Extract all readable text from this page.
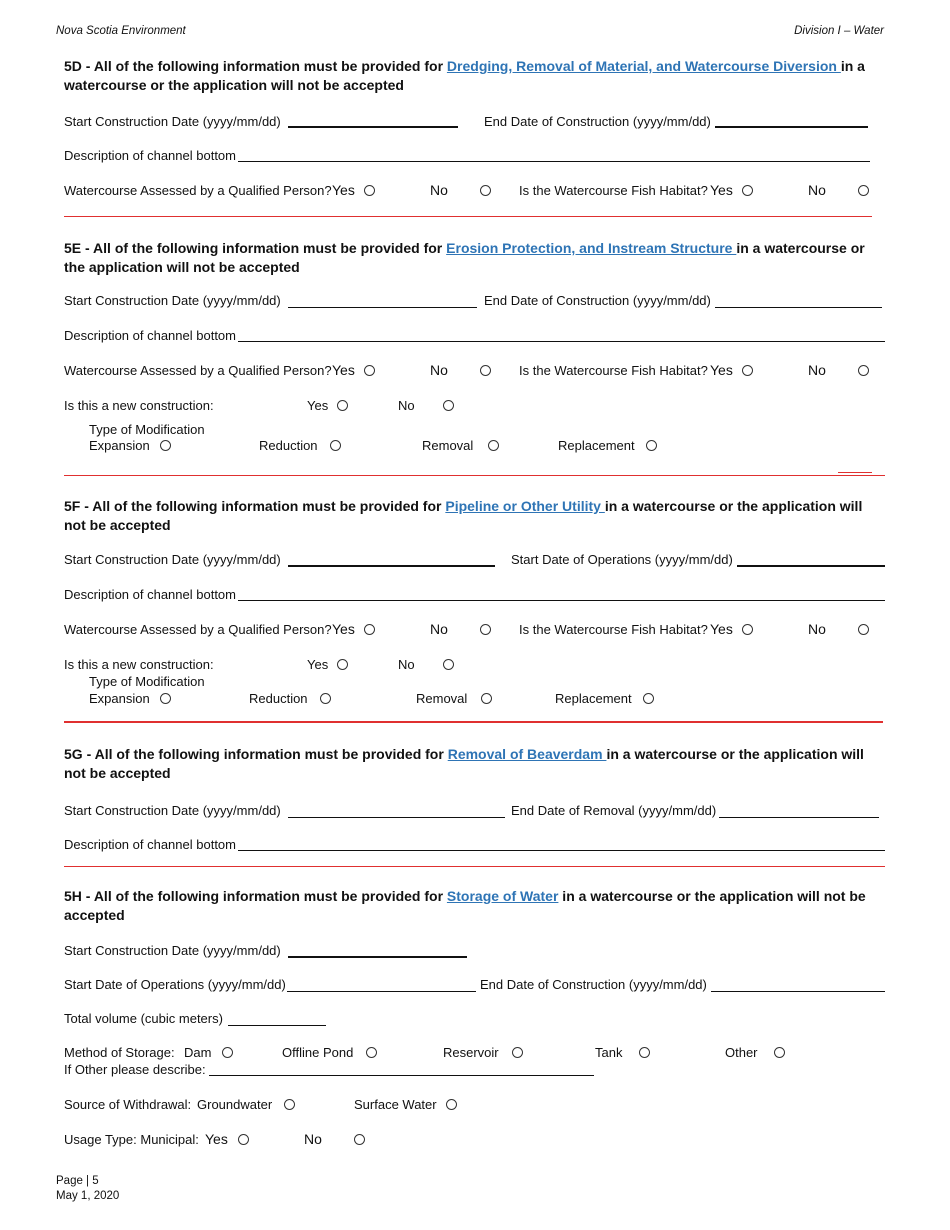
Nova Scotia Environment	Division I – Water
5D - All of the following information must be provided for Dredging, Removal of Material, and Watercourse Diversion in a watercourse or the application will not be accepted
Start Construction Date (yyyy/mm/dd)	End Date of Construction (yyyy/mm/dd)
Description of channel bottom
Watercourse Assessed by a Qualified Person? Yes	No	Is the Watercourse Fish Habitat? Yes	No
5E - All of the following information must be provided for Erosion Protection, and Instream Structure in a watercourse or the application will not be accepted
Start Construction Date (yyyy/mm/dd)	End Date of Construction (yyyy/mm/dd)
Description of channel bottom
Watercourse Assessed by a Qualified Person? Yes	No	Is the Watercourse Fish Habitat? Yes	No
Is this a new construction:	Yes	No
Type of Modification
Expansion	Reduction	Removal	Replacement
5F - All of the following information must be provided for Pipeline or Other Utility in a watercourse or the application will not be accepted
Start Construction Date (yyyy/mm/dd)	Start Date of Operations (yyyy/mm/dd)
Description of channel bottom
Watercourse Assessed by a Qualified Person? Yes	No	Is the Watercourse Fish Habitat? Yes	No
Is this a new construction:	Yes	No
Type of Modification
Expansion	Reduction	Removal	Replacement
5G - All of the following information must be provided for Removal of Beaverdam in a watercourse or the application will not be accepted
Start Construction Date (yyyy/mm/dd)	End Date of Removal (yyyy/mm/dd)
Description of channel bottom
5H - All of the following information must be provided for Storage of Water in a watercourse or the application will not be accepted
Start Construction Date (yyyy/mm/dd)
Start Date of Operations (yyyy/mm/dd)	End Date of Construction (yyyy/mm/dd)
Total volume (cubic meters)
Method of Storage: Dam	Offline Pond	Reservoir	Tank	Other
If Other please describe:
Source of Withdrawal: Groundwater	Surface Water
Usage Type: Municipal: Yes	No
Page | 5
May 1, 2020
